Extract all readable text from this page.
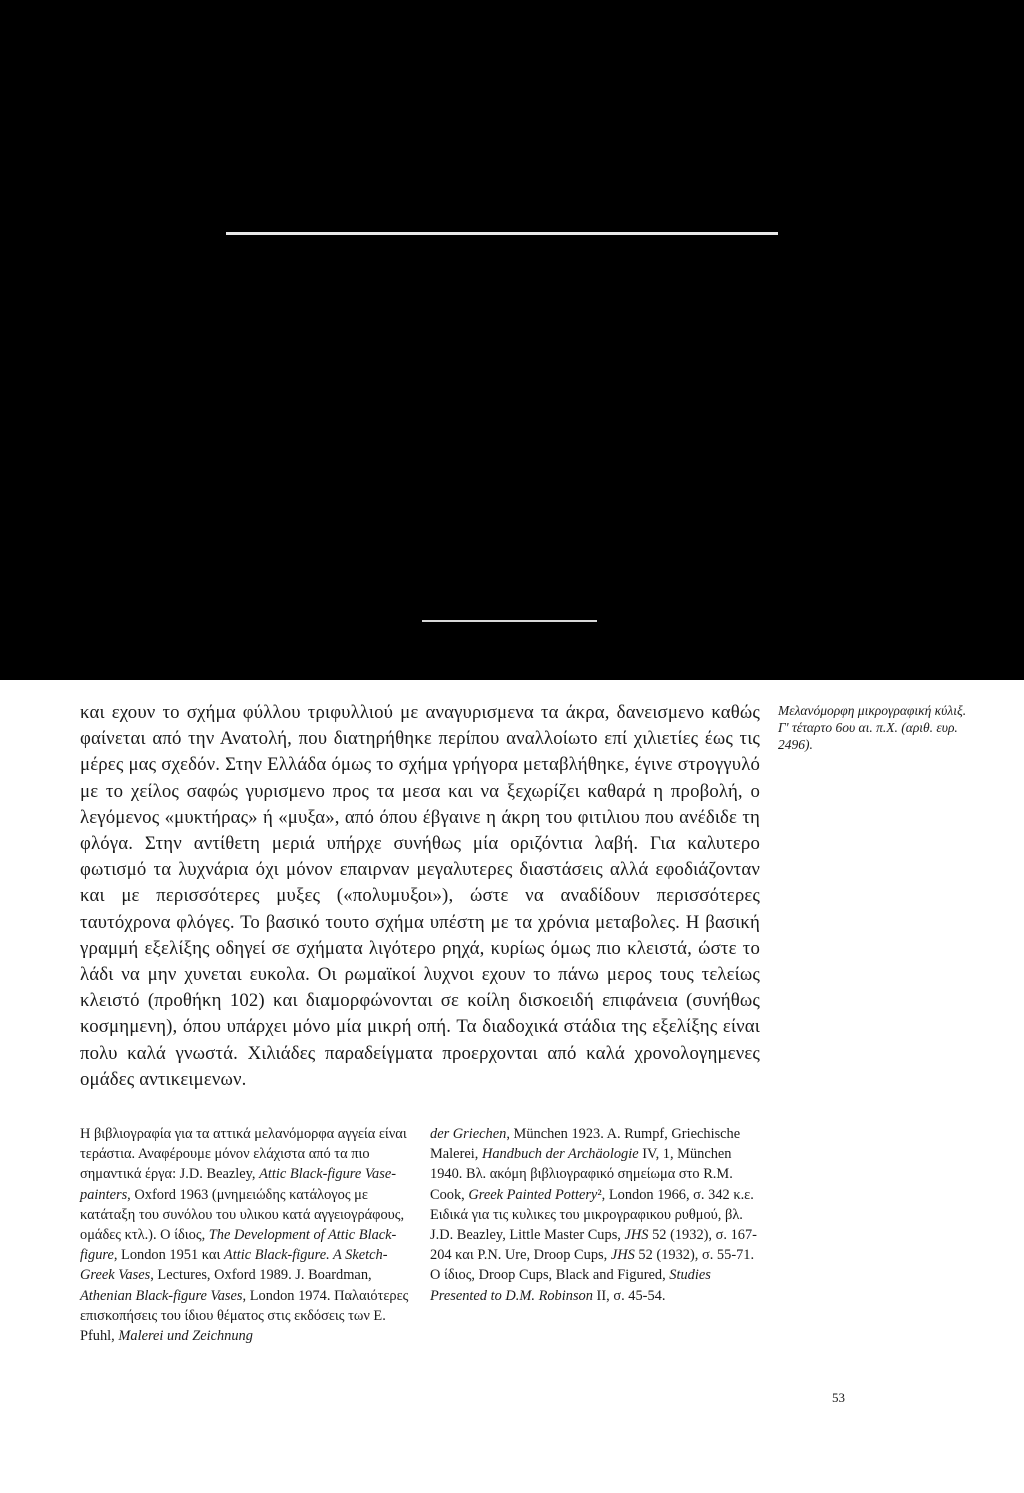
και εχουν το σχήμα φύλλου τριφυλλιού με αναγυρισμενα τα άκρα, δανεισμενο καθώς φαίνεται από την Ανατολή, που διατηρήθηκε περίπου αναλλοίωτο επί χιλιετίες έως τις μέρες μας σχεδόν. Στην Ελλάδα όμως το σχήμα γρήγορα μεταβλήθηκε, έγινε στρογγυλό με το χείλος σαφώς γυρισμενο προς τα μεσα και να ξεχωρίζει καθαρά η προβολή, ο λεγόμενος «μυκτήρας» ή «μυξα», από όπου έβγαινε η άκρη του φιτιλιου που ανέδιδε τη φλόγα. Στην αντίθετη μεριά υπήρχε συνήθως μία οριζόντια λαβή. Για καλυτερο φωτισμό τα λυχνάρια όχι μόνον επαιρναν μεγαλυτερες διαστάσεις αλλά εφοδιάζονταν και με περισσότερες μυξες («πολυμυξοι»), ώστε να αναδίδουν περισσότερες ταυτόχρονα φλόγες. Το βασικό τουτο σχήμα υπέστη με τα χρόνια μεταβολες. Η βασική γραμμή εξελίξης οδηγεί σε σχήματα λιγότερο ρηχά, κυρίως όμως πιο κλειστά, ώστε το λάδι να μην χυνεται ευκολα. Οι ρωμαϊκοί λυχνοι εχουν το πάνω μερος τους τελείως κλειστό (προθήκη 102) και διαμορφώνονται σε κοίλη δισκοειδή επιφάνεια (συνήθως κοσμημενη), όπου υπάρχει μόνο μία μικρή οπή. Τα διαδοχικά στάδια της εξελίξης είναι πολυ καλά γνωστά. Χιλιάδες παραδείγματα προερχονται από καλά χρονολογημενες ομάδες αντικειμενων.

Μελανόμορφη μικρογραφική κύλιξ. Γ' τέταρτο 6ου αι. π.Χ. (αριθ. ευρ. 2496).

Η βιβλιογραφία για τα αττικά μελανόμορφα αγγεία είναι τεράστια. Αναφέρουμε μόνον ελάχιστα από τα πιο σημαντικά έργα: J.D. Beazley, Attic Black-figure Vase-painters, Oxford 1963 (μνημειώδης κατάλογος με κατάταξη του συνόλου του υλικου κατά αγγειογράφους, ομάδες κτλ.). Ο ίδιος, The Development of Attic Black-figure, London 1951 και Attic Black-figure. A Sketch-Greek Vases, Lectures, Oxford 1989. J. Boardman, Athenian Black-figure Vases, London 1974. Παλαιότερες επισκοπήσεις του ίδιου θέματος στις εκδόσεις των E. Pfuhl, Malerei und Zeichnung

der Griechen, München 1923. A. Rumpf, Griechische Malerei, Handbuch der Archäologie IV, 1, München 1940. Βλ. ακόμη βιβλιογραφικό σημείωμα στο R.M. Cook, Greek Painted Pottery², London 1966, σ. 342 κ.ε. Ειδικά για τις κυλικες του μικρογραφικου ρυθμού, βλ. J.D. Beazley, Little Master Cups, JHS 52 (1932), σ. 167-204 και P.N. Ure, Droop Cups, JHS 52 (1932), σ. 55-71. Ο ίδιος, Droop Cups, Black and Figured, Studies Presented to D.M. Robinson II, σ. 45-54.

53
